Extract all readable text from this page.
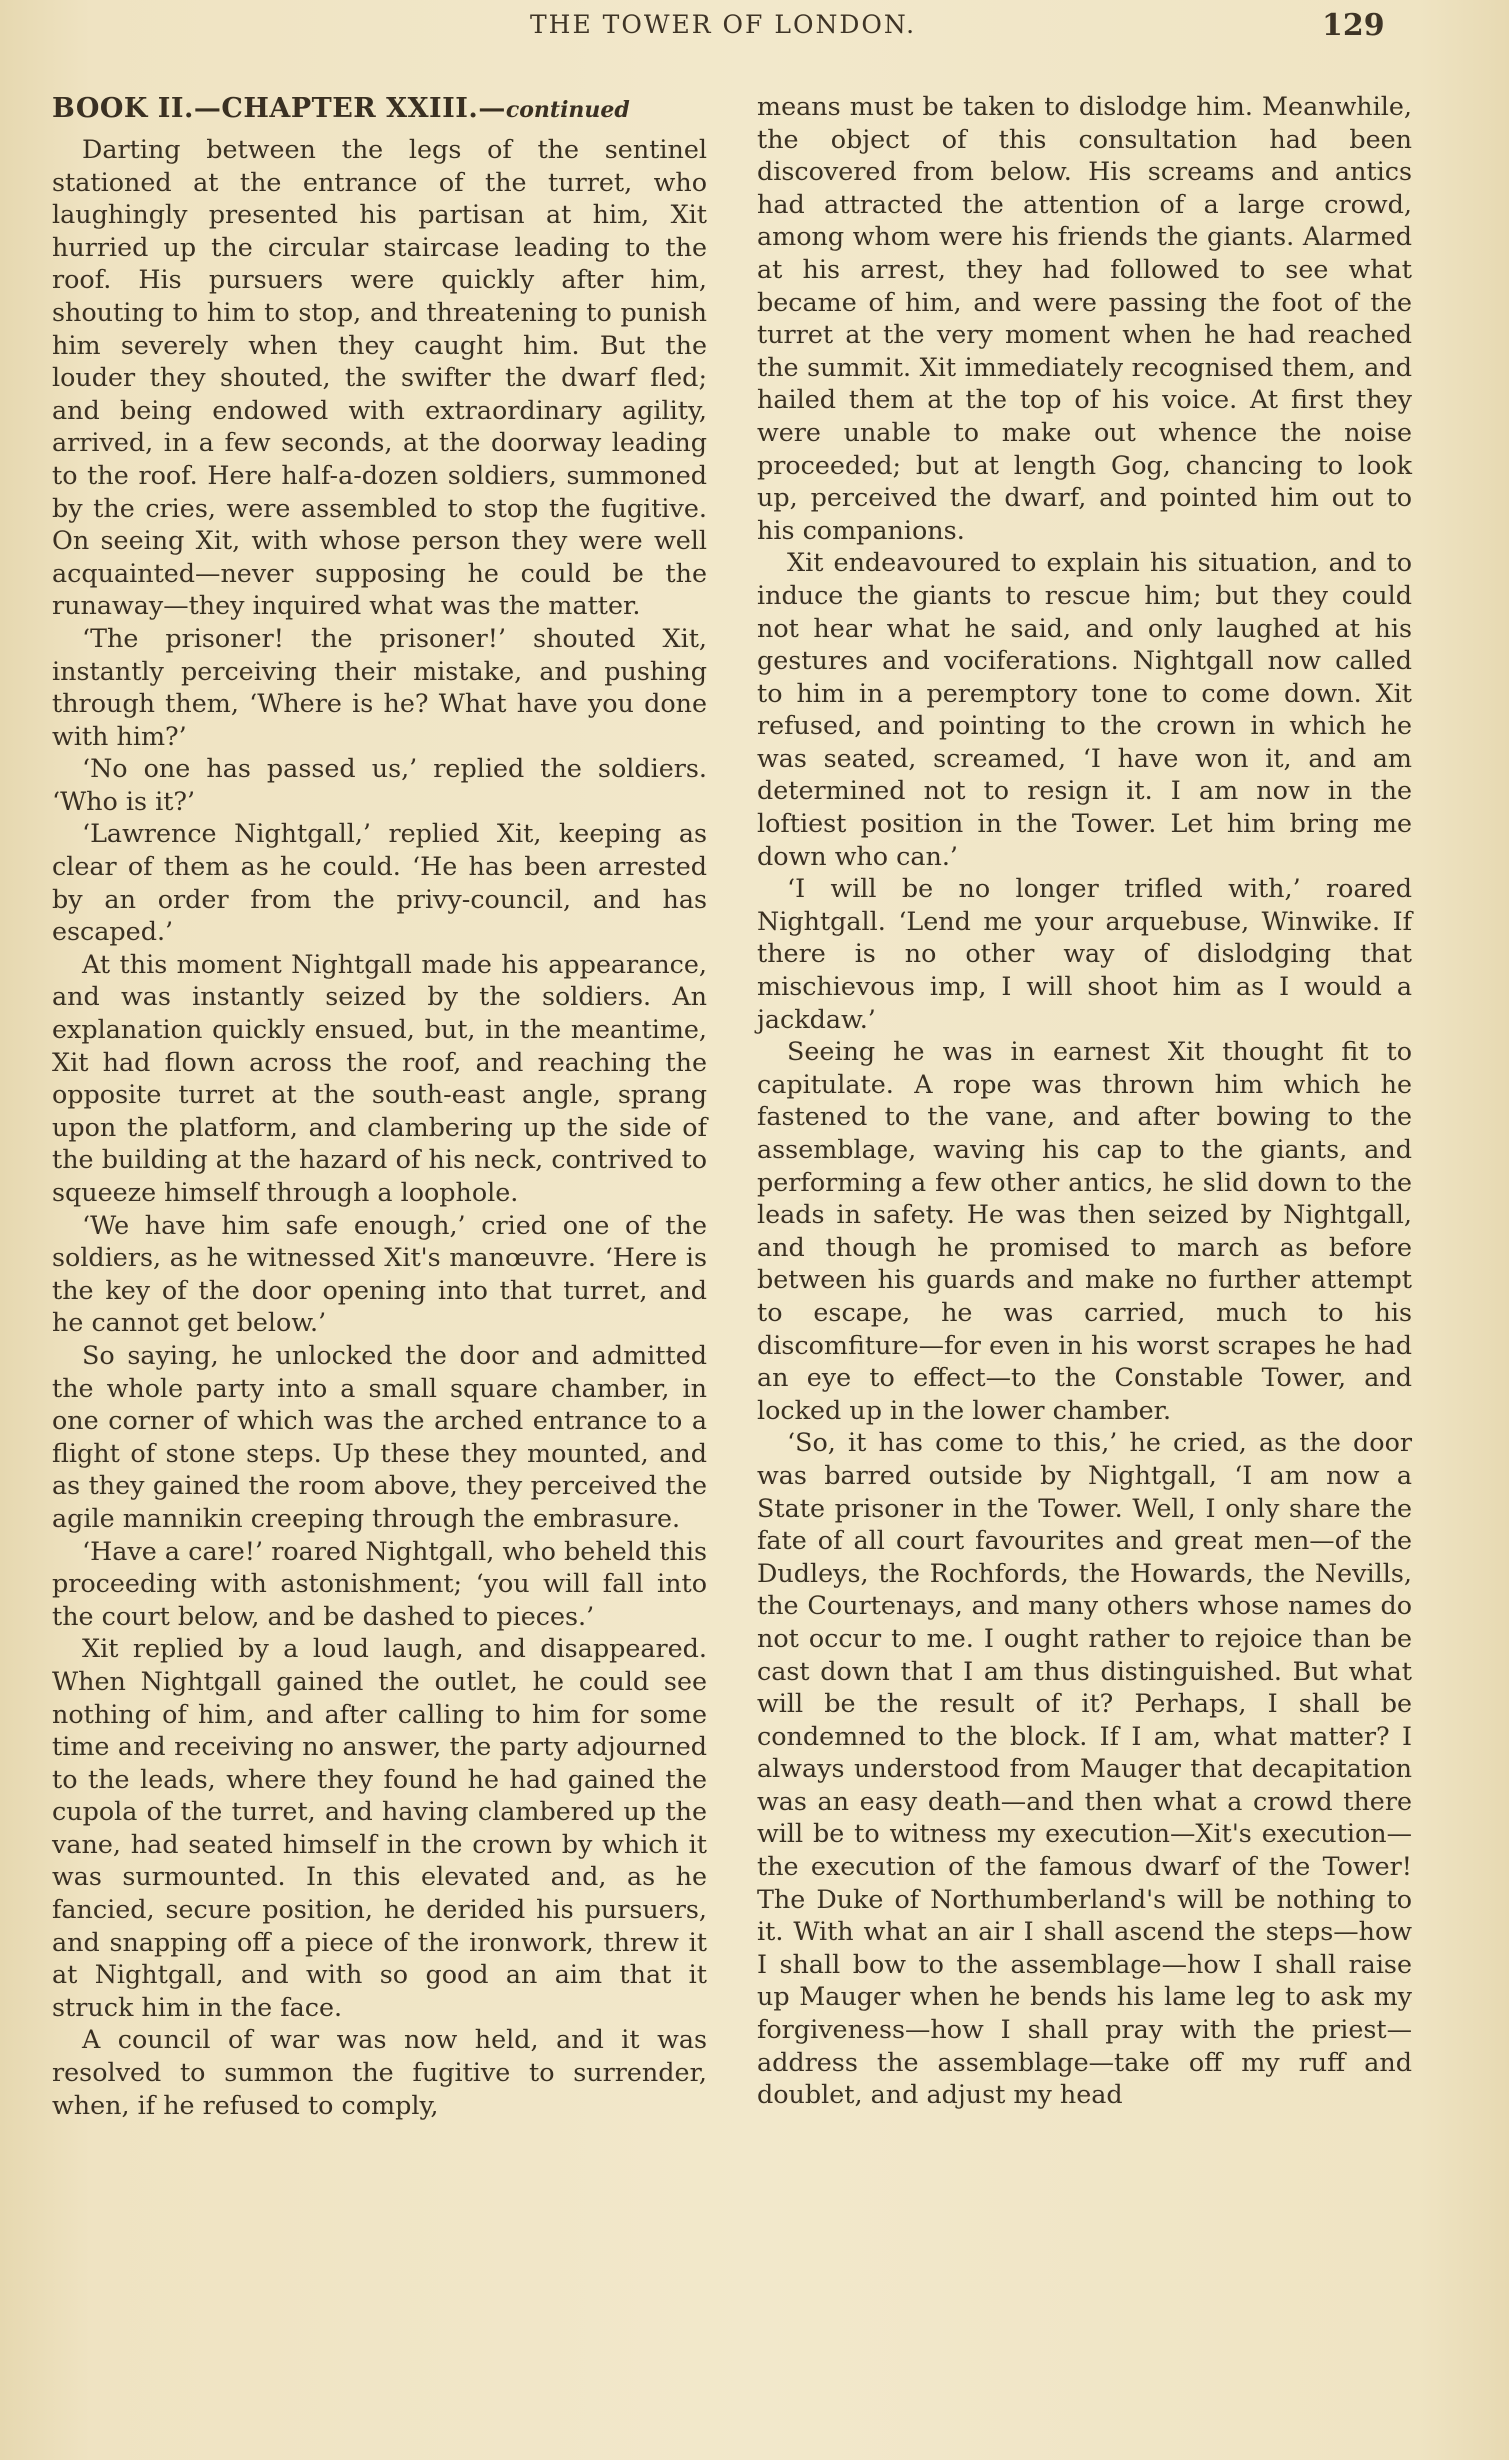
THE TOWER OF LONDON.	129
BOOK II.—CHAPTER XXIII.—continued

Darting between the legs of the sentinel stationed at the entrance of the turret, who laughingly presented his partisan at him, Xit hurried up the circular staircase leading to the roof. His pursuers were quickly after him, shouting to him to stop, and threatening to punish him severely when they caught him. But the louder they shouted, the swifter the dwarf fled; and being endowed with extraordinary agility, arrived, in a few seconds, at the doorway leading to the roof. Here half-a-dozen soldiers, summoned by the cries, were assembled to stop the fugitive. On seeing Xit, with whose person they were well acquainted—never supposing he could be the runaway—they inquired what was the matter.

‘The prisoner! the prisoner!’ shouted Xit, instantly perceiving their mistake, and pushing through them, ‘Where is he? What have you done with him?’

‘No one has passed us,’ replied the soldiers. ‘Who is it?’

‘Lawrence Nightgall,’ replied Xit, keeping as clear of them as he could. ‘He has been arrested by an order from the privy-council, and has escaped.’

At this moment Nightgall made his appearance, and was instantly seized by the soldiers. An explanation quickly ensued, but, in the meantime, Xit had flown across the roof, and reaching the opposite turret at the south-east angle, sprang upon the platform, and clambering up the side of the building at the hazard of his neck, contrived to squeeze himself through a loophole.

‘We have him safe enough,’ cried one of the soldiers, as he witnessed Xit's manœuvre. ‘Here is the key of the door opening into that turret, and he cannot get below.’

So saying, he unlocked the door and admitted the whole party into a small square chamber, in one corner of which was the arched entrance to a flight of stone steps. Up these they mounted, and as they gained the room above, they perceived the agile mannikin creeping through the embrasure.

‘Have a care!’ roared Nightgall, who beheld this proceeding with astonishment; ‘you will fall into the court below, and be dashed to pieces.’

Xit replied by a loud laugh, and disappeared. When Nightgall gained the outlet, he could see nothing of him, and after calling to him for some time and receiving no answer, the party adjourned to the leads, where they found he had gained the cupola of the turret, and having clambered up the vane, had seated himself in the crown by which it was surmounted. In this elevated and, as he fancied, secure position, he derided his pursuers, and snapping off a piece of the ironwork, threw it at Nightgall, and with so good an aim that it struck him in the face.

A council of war was now held, and it was resolved to summon the fugitive to surrender, when, if he refused to comply,

means must be taken to dislodge him. Meanwhile, the object of this consultation had been discovered from below. His screams and antics had attracted the attention of a large crowd, among whom were his friends the giants. Alarmed at his arrest, they had followed to see what became of him, and were passing the foot of the turret at the very moment when he had reached the summit. Xit immediately recognised them, and hailed them at the top of his voice. At first they were unable to make out whence the noise proceeded; but at length Gog, chancing to look up, perceived the dwarf, and pointed him out to his companions.

Xit endeavoured to explain his situation, and to induce the giants to rescue him; but they could not hear what he said, and only laughed at his gestures and vociferations. Nightgall now called to him in a peremptory tone to come down. Xit refused, and pointing to the crown in which he was seated, screamed, ‘I have won it, and am determined not to resign it. I am now in the loftiest position in the Tower. Let him bring me down who can.’

‘I will be no longer trifled with,’ roared Nightgall. ‘Lend me your arquebuse, Winwike. If there is no other way of dislodging that mischievous imp, I will shoot him as I would a jackdaw.’

Seeing he was in earnest Xit thought fit to capitulate. A rope was thrown him which he fastened to the vane, and after bowing to the assemblage, waving his cap to the giants, and performing a few other antics, he slid down to the leads in safety. He was then seized by Nightgall, and though he promised to march as before between his guards and make no further attempt to escape, he was carried, much to his discomfiture—for even in his worst scrapes he had an eye to effect—to the Constable Tower, and locked up in the lower chamber.

‘So, it has come to this,’ he cried, as the door was barred outside by Nightgall, ‘I am now a State prisoner in the Tower. Well, I only share the fate of all court favourites and great men—of the Dudleys, the Rochfords, the Howards, the Nevills, the Courtenays, and many others whose names do not occur to me. I ought rather to rejoice than be cast down that I am thus distinguished. But what will be the result of it? Perhaps, I shall be condemned to the block. If I am, what matter? I always understood from Mauger that decapitation was an easy death—and then what a crowd there will be to witness my execution—Xit's execution—the execution of the famous dwarf of the Tower! The Duke of Northumberland's will be nothing to it. With what an air I shall ascend the steps—how I shall bow to the assemblage—how I shall raise up Mauger when he bends his lame leg to ask my forgiveness—how I shall pray with the priest—address the assemblage—take off my ruff and doublet, and adjust my head
